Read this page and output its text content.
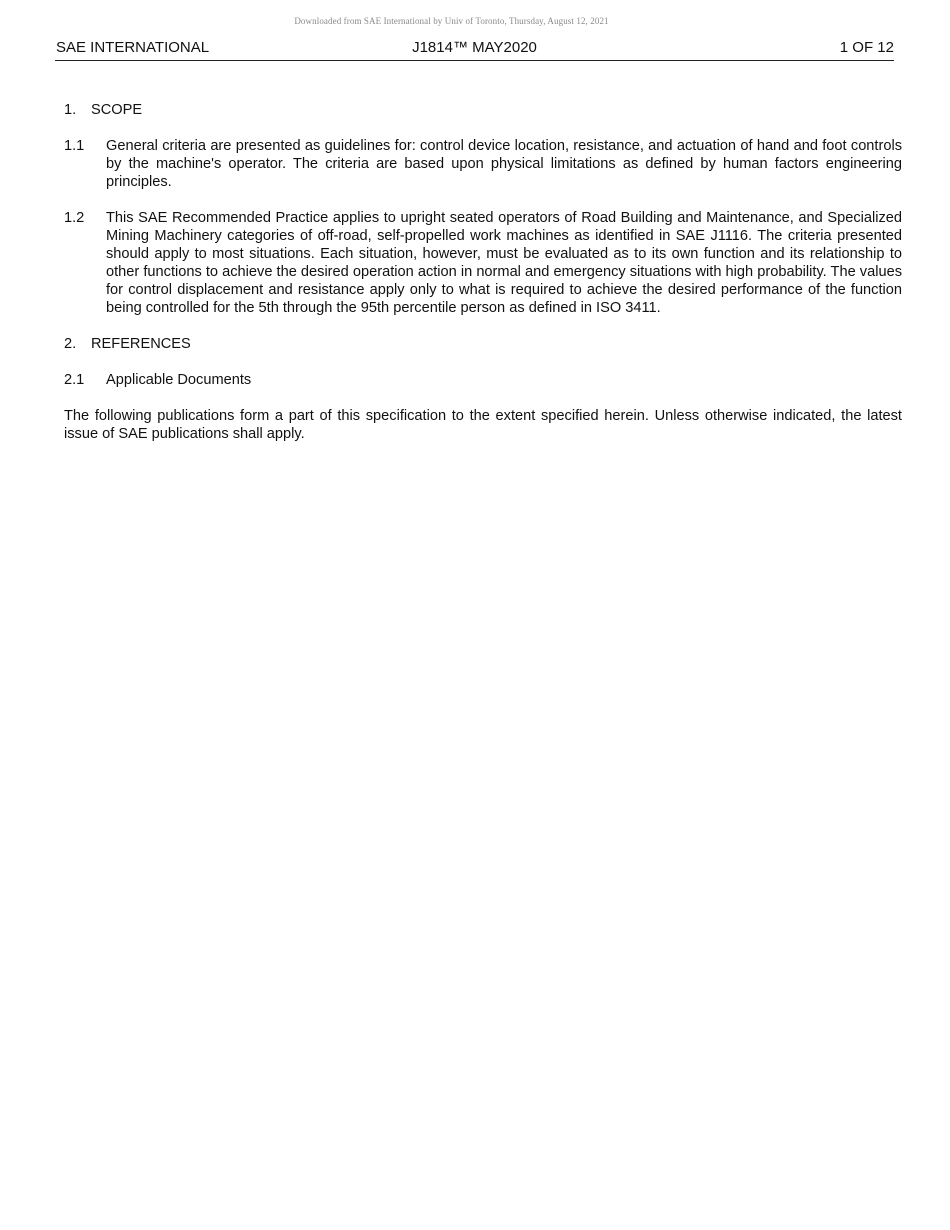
Downloaded from SAE International by Univ of Toronto, Thursday, August 12, 2021
SAE INTERNATIONAL	J1814™ MAY2020	1 OF 12
1. SCOPE
1.1 General criteria are presented as guidelines for: control device location, resistance, and actuation of hand and foot controls by the machine's operator. The criteria are based upon physical limitations as defined by human factors engineering principles.
1.2 This SAE Recommended Practice applies to upright seated operators of Road Building and Maintenance, and Specialized Mining Machinery categories of off-road, self-propelled work machines as identified in SAE J1116. The criteria presented should apply to most situations. Each situation, however, must be evaluated as to its own function and its relationship to other functions to achieve the desired operation action in normal and emergency situations with high probability. The values for control displacement and resistance apply only to what is required to achieve the desired performance of the function being controlled for the 5th through the 95th percentile person as defined in ISO 3411.
2. REFERENCES
2.1 Applicable Documents

The following publications form a part of this specification to the extent specified herein. Unless otherwise indicated, the latest issue of SAE publications shall apply.
